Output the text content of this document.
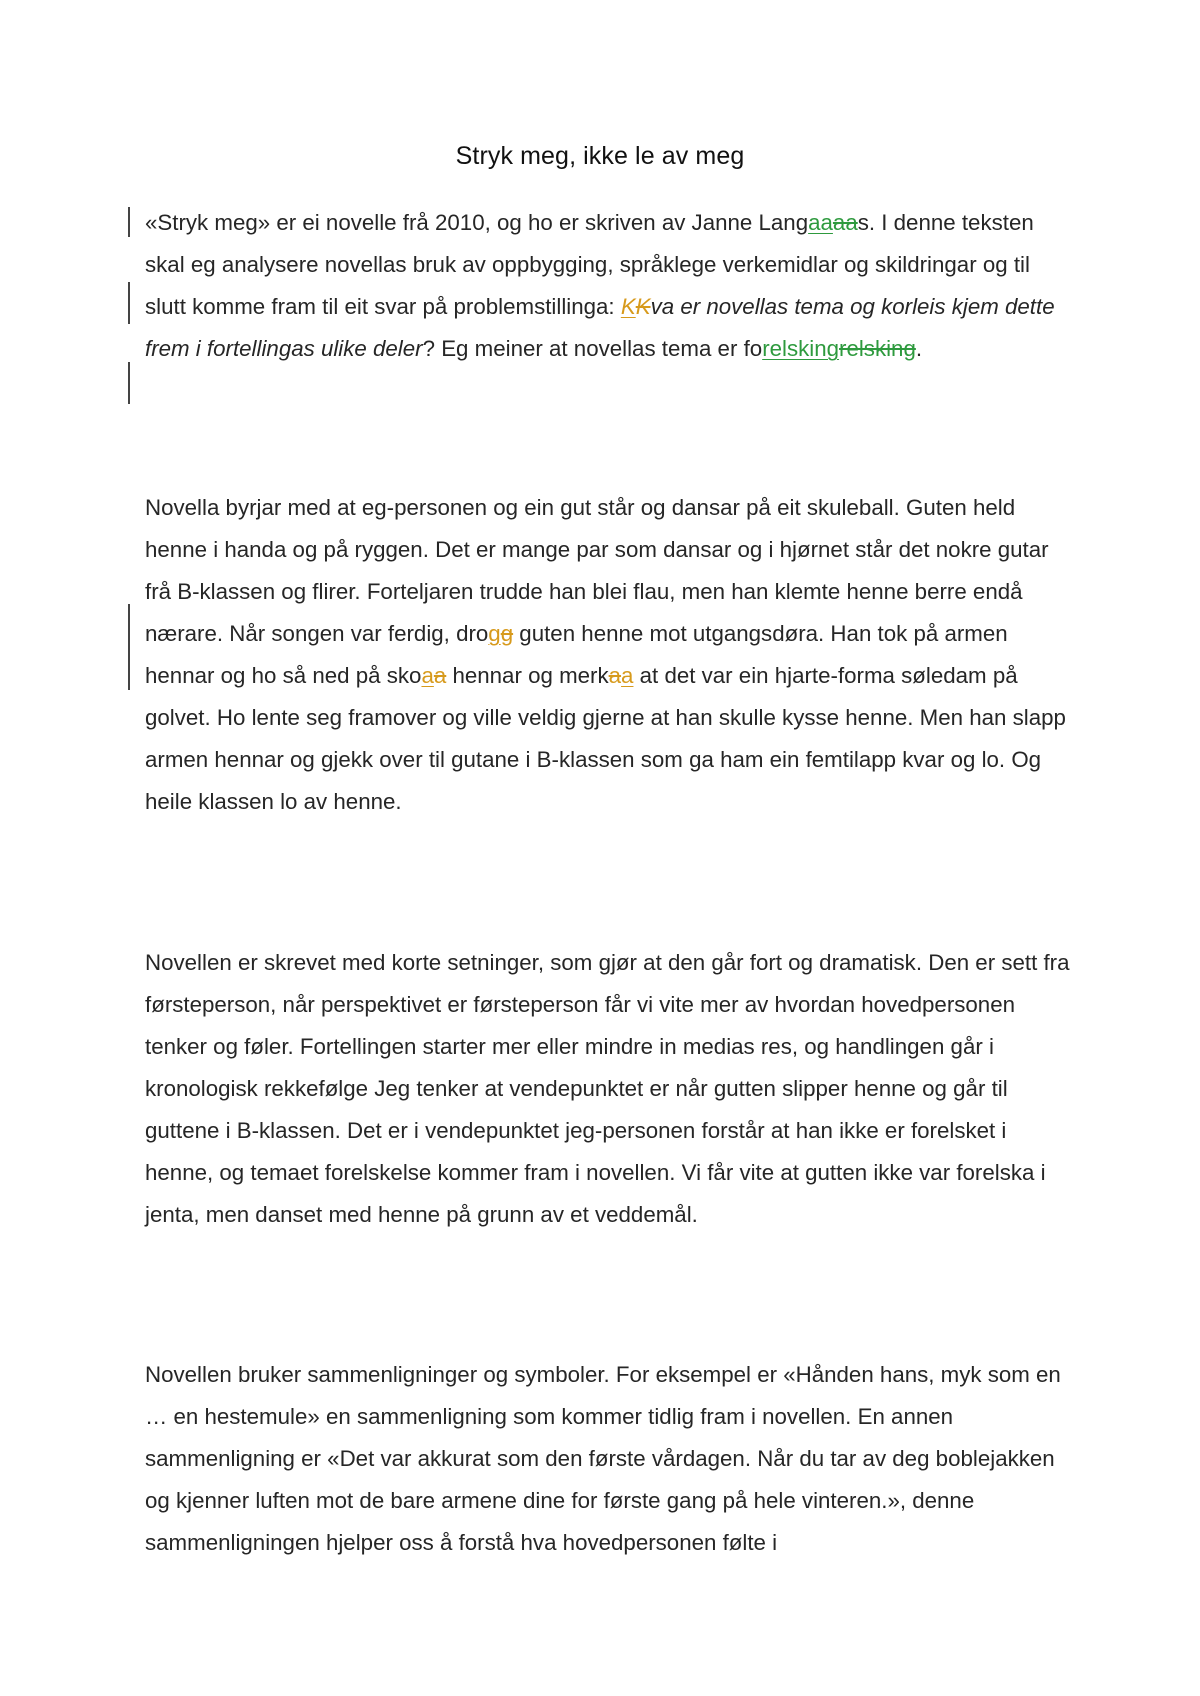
Stryk meg, ikke le av meg

«Stryk meg» er ei novelle frå 2010, og ho er skriven av Janne Langaaaas. I denne teksten skal eg analysere novellas bruk av oppbygging, språklege verkemidlar og skildringar og til slutt komme fram til eit svar på problemstillinga: KKva er novellas tema og korleis kjem dette frem i fortellingas ulike deler? Eg meiner at novellas tema er forelskingrelsking.

Novella byrjar med at eg-personen og ein gut står og dansar på eit skuleball. Guten held henne i handa og på ryggen. Det er mange par som dansar og i hjørnet står det nokre gutar frå B-klassen og flirer. Forteljaren trudde han blei flau, men han klemte henne berre endå nærare. Når songen var ferdig, drogg guten henne mot utgangsdøra. Han tok på armen hennar og ho så ned på skoaa hennar og merkaa at det var ein hjarte-forma søledam på golvet. Ho lente seg framover og ville veldig gjerne at han skulle kysse henne. Men han slapp armen hennar og gjekk over til gutane i B-klassen som ga ham ein femtilapp kvar og lo. Og heile klassen lo av henne.

Novellen er skrevet med korte setninger, som gjør at den går fort og dramatisk. Den er sett fra førsteperson, når perspektivet er førsteperson får vi vite mer av hvordan hovedpersonen tenker og føler. Fortellingen starter mer eller mindre in medias res, og handlingen går i kronologisk rekkefølge Jeg tenker at vendepunktet er når gutten slipper henne og går til guttene i B-klassen. Det er i vendepunktet jeg-personen forstår at han ikke er forelsket i henne, og temaet forelskelse kommer fram i novellen. Vi får vite at gutten ikke var forelska i jenta, men danset med henne på grunn av et veddemål.

Novellen bruker sammenligninger og symboler. For eksempel er «Hånden hans, myk som en … en hestemule» en sammenligning som kommer tidlig fram i novellen. En annen sammenligning er «Det var akkurat som den første vårdagen. Når du tar av deg boblejakken og kjenner luften mot de bare armene dine for første gang på hele vinteren.», denne sammenligningen hjelper oss å forstå hva hovedpersonen følte i
